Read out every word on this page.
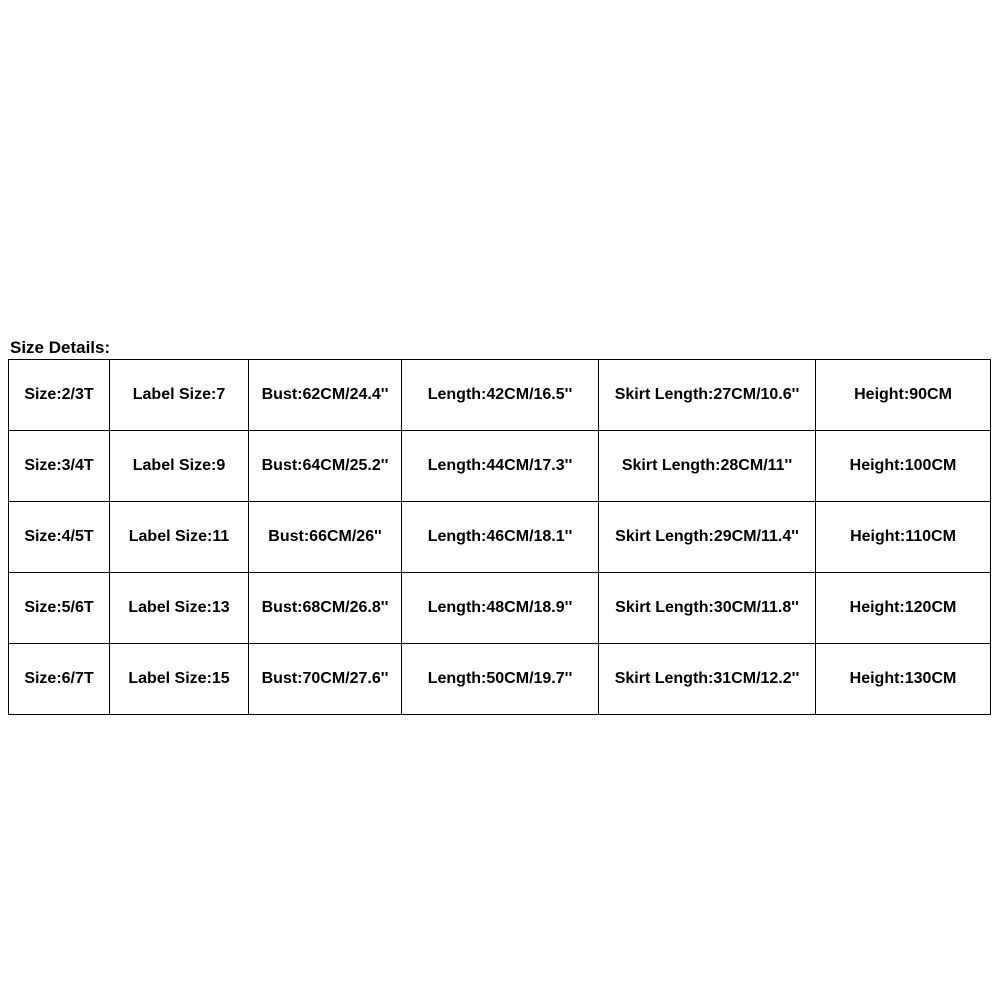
Size Details:
Size:2/3T	Label Size:7	Bust:62CM/24.4''	Length:42CM/16.5''	Skirt Length:27CM/10.6''	Height:90CM
Size:3/4T	Label Size:9	Bust:64CM/25.2''	Length:44CM/17.3''	Skirt Length:28CM/11''	Height:100CM
Size:4/5T	Label Size:11	Bust:66CM/26''	Length:46CM/18.1''	Skirt Length:29CM/11.4''	Height:110CM
Size:5/6T	Label Size:13	Bust:68CM/26.8''	Length:48CM/18.9''	Skirt Length:30CM/11.8''	Height:120CM
Size:6/7T	Label Size:15	Bust:70CM/27.6''	Length:50CM/19.7''	Skirt Length:31CM/12.2''	Height:130CM
